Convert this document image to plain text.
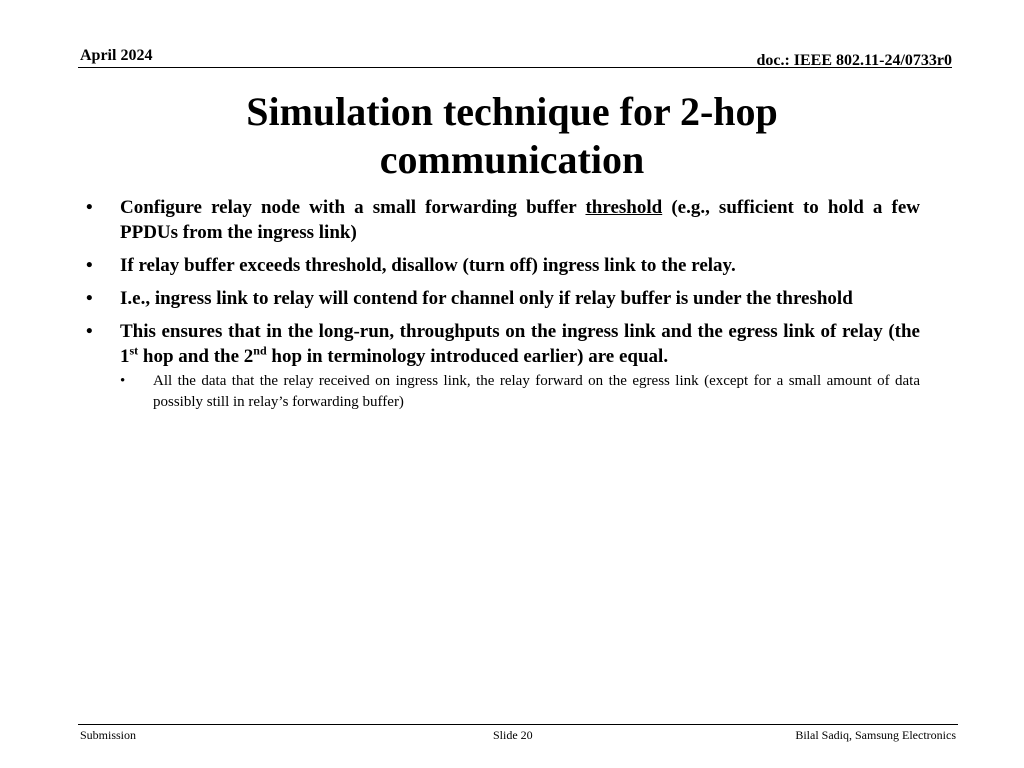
April 2024	doc.: IEEE 802.11-24/0733r0
Simulation technique for 2-hop
communication
• Configure relay node with a small forwarding buffer threshold (e.g., sufficient to hold a few PPDUs from the ingress link)
• If relay buffer exceeds threshold, disallow (turn off) ingress link to the relay.
• I.e., ingress link to relay will contend for channel only if relay buffer is under the threshold
• This ensures that in the long-run, throughputs on the ingress link and the egress link of relay (the 1st hop and the 2nd hop in terminology introduced earlier) are equal.
• All the data that the relay received on ingress link, the relay forward on the egress link (except for a small amount of data possibly still in relay’s forwarding buffer)
Submission	Slide 20	Bilal Sadiq, Samsung Electronics
